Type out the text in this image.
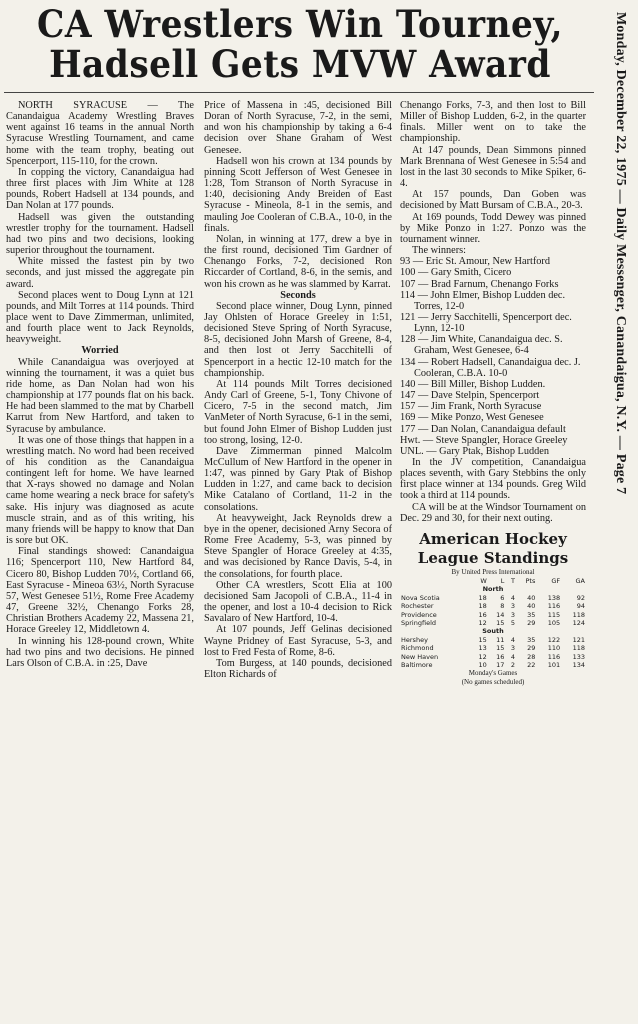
CA Wrestlers Win Tourney,
Hadsell Gets MVW Award

NORTH SYRACUSE — The Canandaigua Academy Wrestling Braves went against 16 teams in the annual North Syracuse Wrestling Tournament, and came home with the team trophy, beating out Spencerport, 115-110, for the crown.

In copping the victory, Canandaigua had three first places with Jim White at 128 pounds, Robert Hadsell at 134 pounds, and Dan Nolan at 177 pounds.

Hadsell was given the outstanding wrestler trophy for the tournament. Hadsell had two pins and two decisions, looking superior throughout the tournament.

White missed the fastest pin by two seconds, and just missed the aggregate pin award.

Second places went to Doug Lynn at 121 pounds, and Milt Torres at 114 pounds. Third place went to Dave Zimmerman, unlimited, and fourth place went to Jack Reynolds, heavyweight.

Worried

While Canandaigua was overjoyed at winning the tournament, it was a quiet bus ride home, as Dan Nolan had won his championship at 177 pounds flat on his back. He had been slammed to the mat by Charbell Karrut from New Hartford, and taken to Syracuse by ambulance.

It was one of those things that happen in a wrestling match. No word had been received of his condition as the Canandaigua contingent left for home. We have learned that X-rays showed no damage and Nolan came home wearing a neck brace for safety's sake. His injury was diagnosed as acute muscle strain, and as of this writing, his many friends will be happy to know that Dan is sore but OK.

Final standings showed: Canandaigua 116; Spencerport 110, New Hartford 84, Cicero 80, Bishop Ludden 70½, Cortland 66, East Syracuse - Mineoa 63½, North Syracuse 57, West Genesee 51½, Rome Free Academy 47, Greene 32½, Chenango Forks 28, Christian Brothers Academy 22, Massena 21, Horace Greeley 12, Middletown 4.

In winning his 128-pound crown, White had two pins and two decisions. He pinned Lars Olson of C.B.A. in :25, Dave

Price of Massena in :45, decisioned Bill Doran of North Syracuse, 7-2, in the semi, and won his championship by taking a 6-4 decision over Shane Graham of West Genesee.

Hadsell won his crown at 134 pounds by pinning Scott Jefferson of West Genesee in 1:28, Tom Stranson of North Syracuse in 1:40, decisioning Andy Breiden of East Syracuse - Mineola, 8-1 in the semis, and mauling Joe Cooleran of C.B.A., 10-0, in the finals.

Nolan, in winning at 177, drew a bye in the first round, decisioned Tim Gardner of Chenango Forks, 7-2, decisioned Ron Riccarder of Cortland, 8-6, in the semis, and won his crown as he was slammed by Karrat.

Seconds

Second place winner, Doug Lynn, pinned Jay Ohlsten of Horace Greeley in 1:51, decisioned Steve Spring of North Syracuse, 8-5, decisioned John Marsh of Greene, 8-4, and then lost ot Jerry Sacchitelli of Spencerport in a hectic 12-10 match for the championship.

At 114 pounds Milt Torres decisioned Andy Carl of Greene, 5-1, Tony Chivone of Cicero, 7-5 in the second match, Jim VanMeter of North Syracuse, 6-1 in the semi, but found John Elmer of Bishop Ludden just too strong, losing, 12-0.

Dave Zimmerman pinned Malcolm McCullum of New Hartford in the opener in 1:47, was pinned by Gary Ptak of Bishop Ludden in 1:27, and came back to decision Mike Catalano of Cortland, 11-2 in the consolations.

At heavyweight, Jack Reynolds drew a bye in the opener, decisioned Arny Secora of Rome Free Academy, 5-3, was pinned by Steve Spangler of Horace Greeley at 4:35, and was decisioned by Rance Davis, 5-4, in the consolations, for fourth place.

Other CA wrestlers, Scott Elia at 100 decisioned Sam Jacopoli of C.B.A., 11-4 in the opener, and lost a 10-4 decision to Rick Savalaro of New Hartford, 10-4.

At 107 pounds, Jeff Gelinas decisioned Wayne Pridney of East Syracuse, 5-3, and lost to Fred Festa of Rome, 8-6.

Tom Burgess, at 140 pounds, decisioned Elton Richards of

Chenango Forks, 7-3, and then lost to Bill Miller of Bishop Ludden, 6-2, in the quarter finals. Miller went on to take the championship.

At 147 pounds, Dean Simmons pinned Mark Brennana of West Genesee in 5:54 and lost in the last 30 seconds to Mike Spiker, 6-4.

At 157 pounds, Dan Goben was decisioned by Matt Bursam of C.B.A., 20-3.

At 169 pounds, Todd Dewey was pinned by Mike Ponzo in 1:27. Ponzo was the tournament winner.

The winners:

93 — Eric St. Amour, New Hartford

100 — Gary Smith, Cicero

107 — Brad Farnum, Chenango Forks

114 — John Elmer, Bishop Ludden dec. Torres, 12-0

121 — Jerry Sacchitelli, Spencerport dec. Lynn, 12-10

128 — Jim White, Canandaigua dec. S. Graham, West Genesee, 6-4

134 — Robert Hadsell, Canandaigua dec. J. Cooleran, C.B.A. 10-0

140 — Bill Miller, Bishop Ludden.

147 — Dave Stelpin, Spencerport

157 — Jim Frank, North Syracuse

169 — Mike Ponzo, West Genesee

177 — Dan Nolan, Canandaigua default

Hwt. — Steve Spangler, Horace Greeley

UNL. — Gary Ptak, Bishop Ludden

In the JV competition, Canandaigua places seventh, with Gary Stebbins the only first place winner at 134 pounds. Greg Wild took a third at 114 pounds.

CA will be at the Windsor Tournament on Dec. 29 and 30, for their next outing.

American Hockey
League Standings
By United Press International
	W	L	T	Pts	GF	GA
North						
Nova Scotia	18	6	4	40	138	92
Rochester	18	8	3	40	116	94
Providence	16	14	3	35	115	118
Springfield	12	15	5	29	105	124
South						
Hershey	15	11	4	35	122	121
Richmond	13	15	3	29	110	118
New Haven	12	16	4	28	116	133
Baltimore	10	17	2	22	101	134
Monday's Games
(No games scheduled)
Monday, December 22, 1975 — Daily Messenger, Canandaigua, N.Y. — Page 7
